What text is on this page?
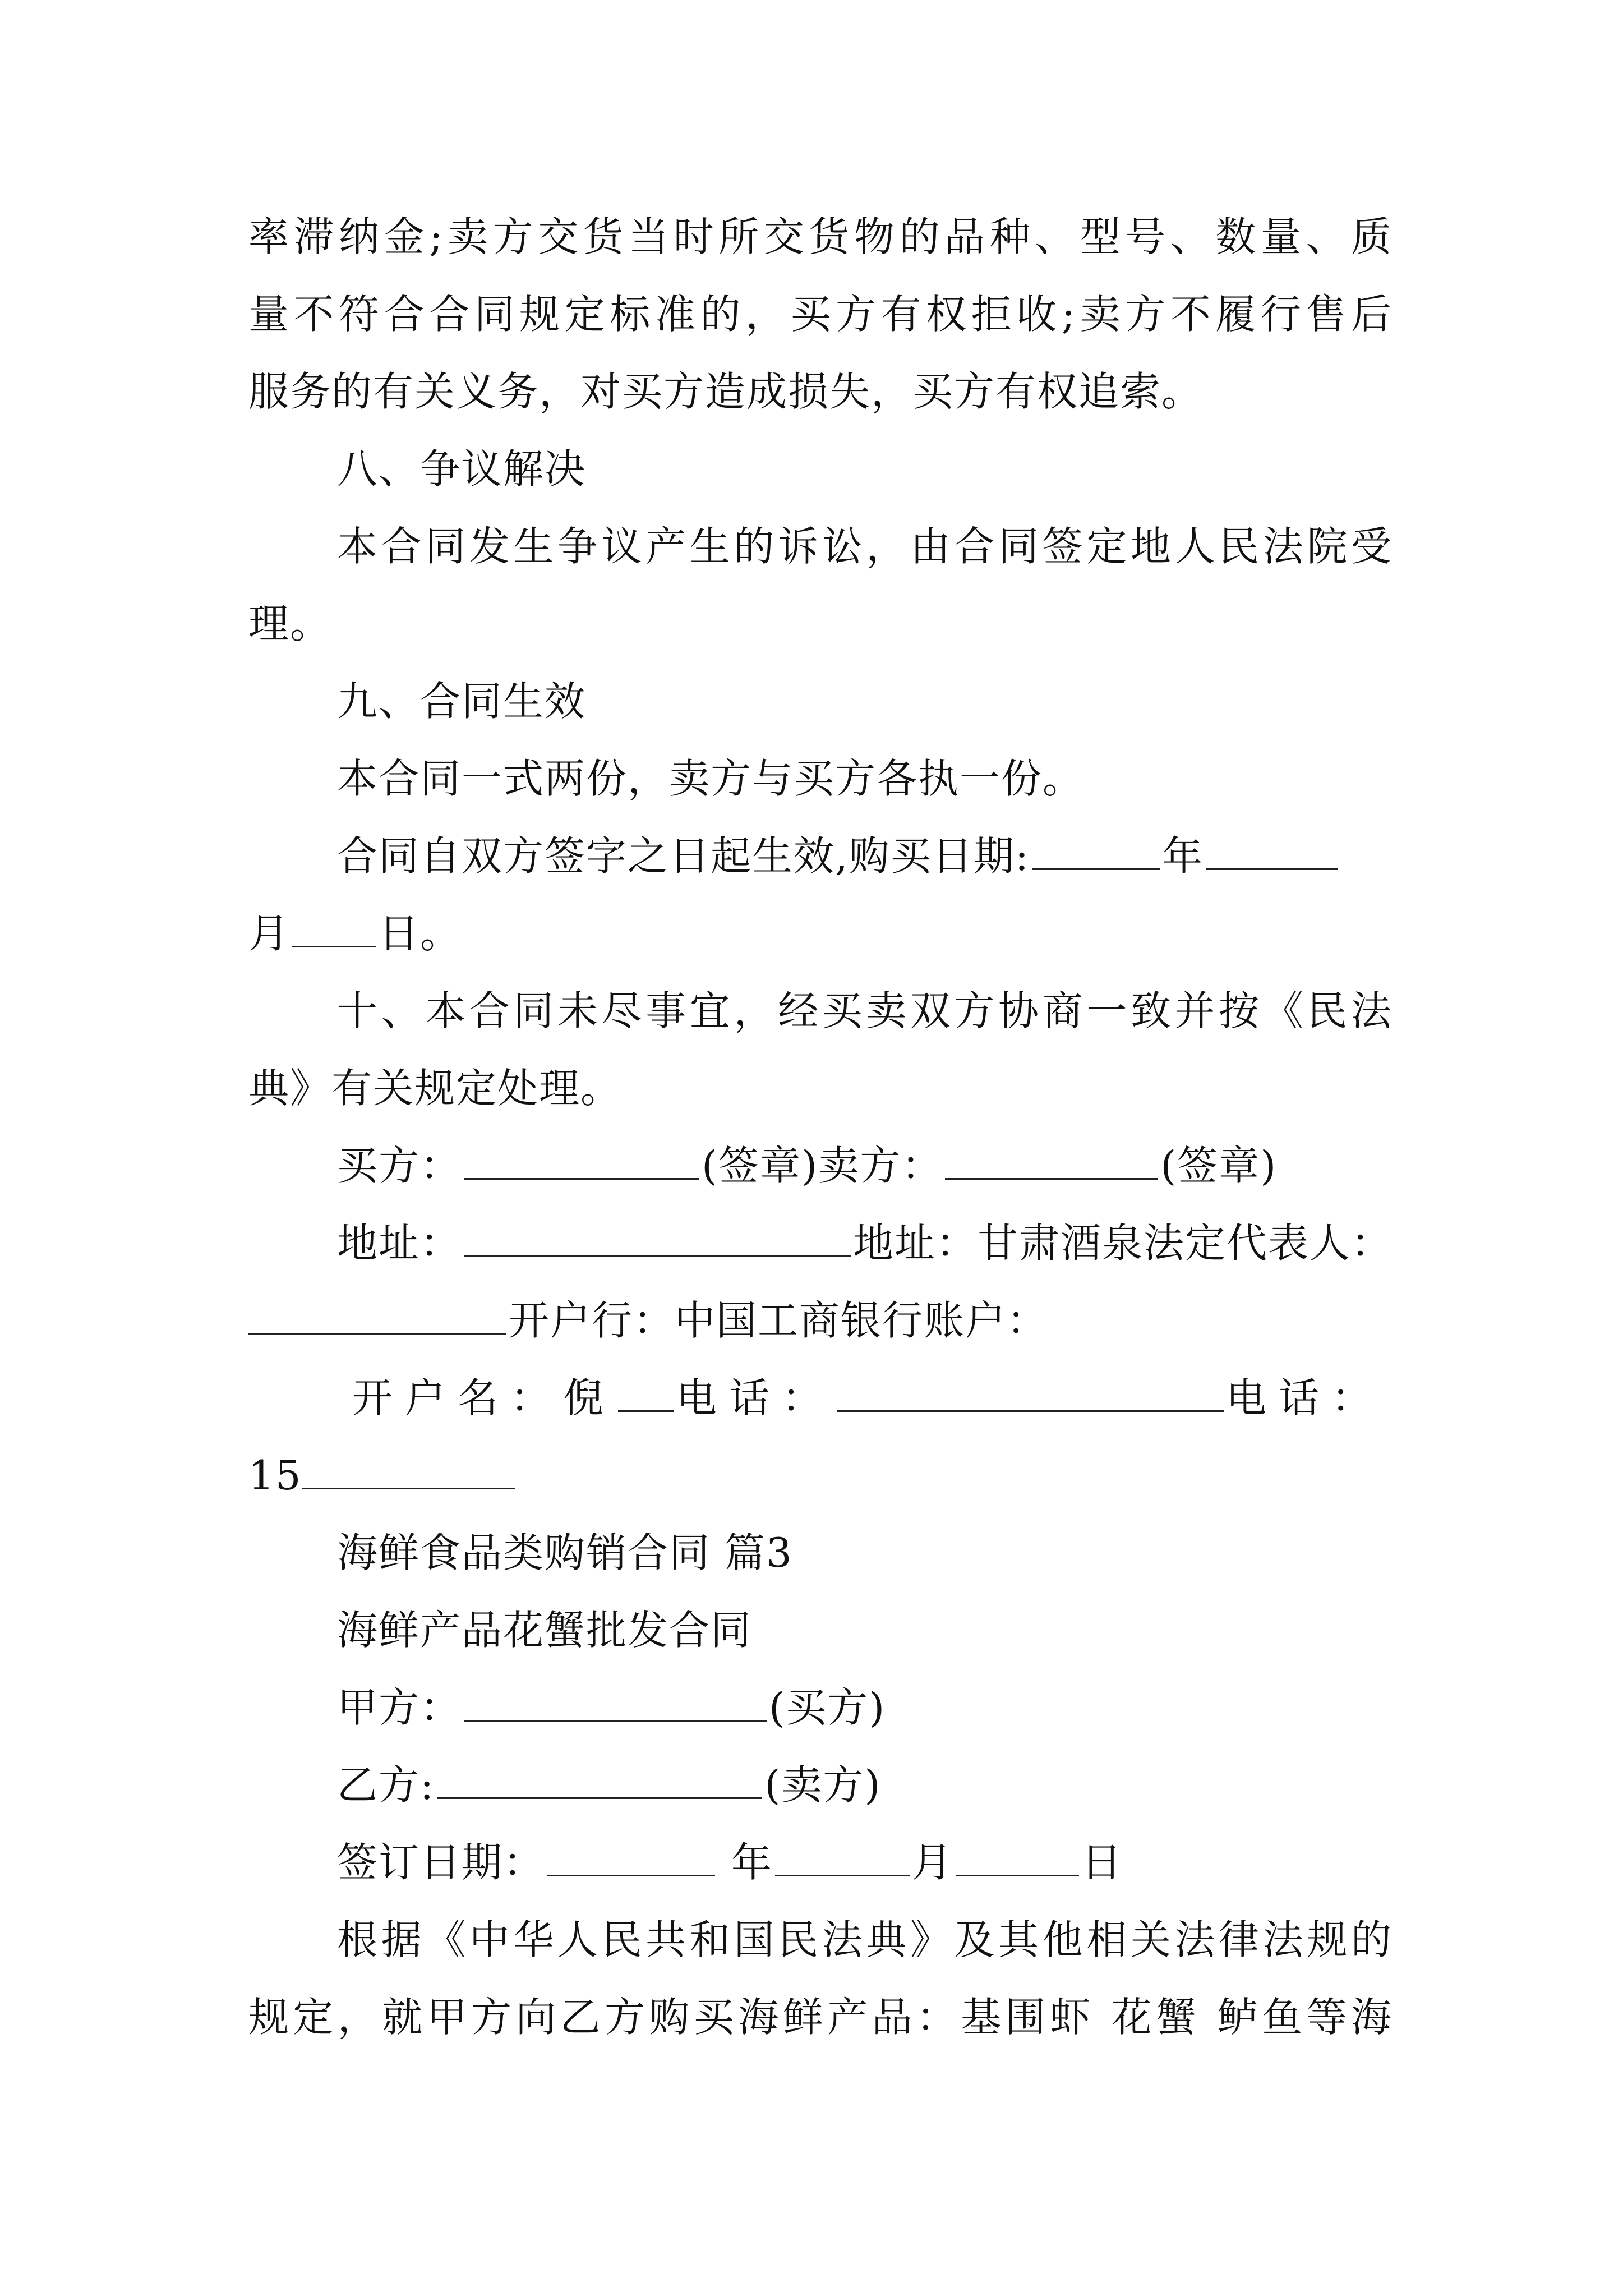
率滞纳金;卖方交货当时所交货物的品种、型号、数量、质
量不符合合同规定标准的，买方有权拒收;卖方不履行售后
服务的有关义务，对买方造成损失，买方有权追索。
八、争议解决
本合同发生争议产生的诉讼，由合同签定地人民法院受
理。
九、合同生效
本合同一式两份，卖方与买方各执一份。
合同自双方签字之日起生效,购买日期:	年
月 日。
十、本合同未尽事宜，经买卖双方协商一致并按《民法
典》有关规定处理。
买方：	(签章)卖方：	(签章)
地址：	地址：甘肃酒泉法定代表人：
开户行：中国工商银行账户：
开户名：倪 电话：	电话：
15
海鲜食品类购销合同 篇3
海鲜产品花蟹批发合同
甲方：	(买方)
乙方:	(卖方)
签订日期：	年	月	日
根据《中华人民共和国民法典》及其他相关法律法规的
规定，就甲方向乙方购买海鲜产品：基围虾 花蟹 鲈鱼等海
